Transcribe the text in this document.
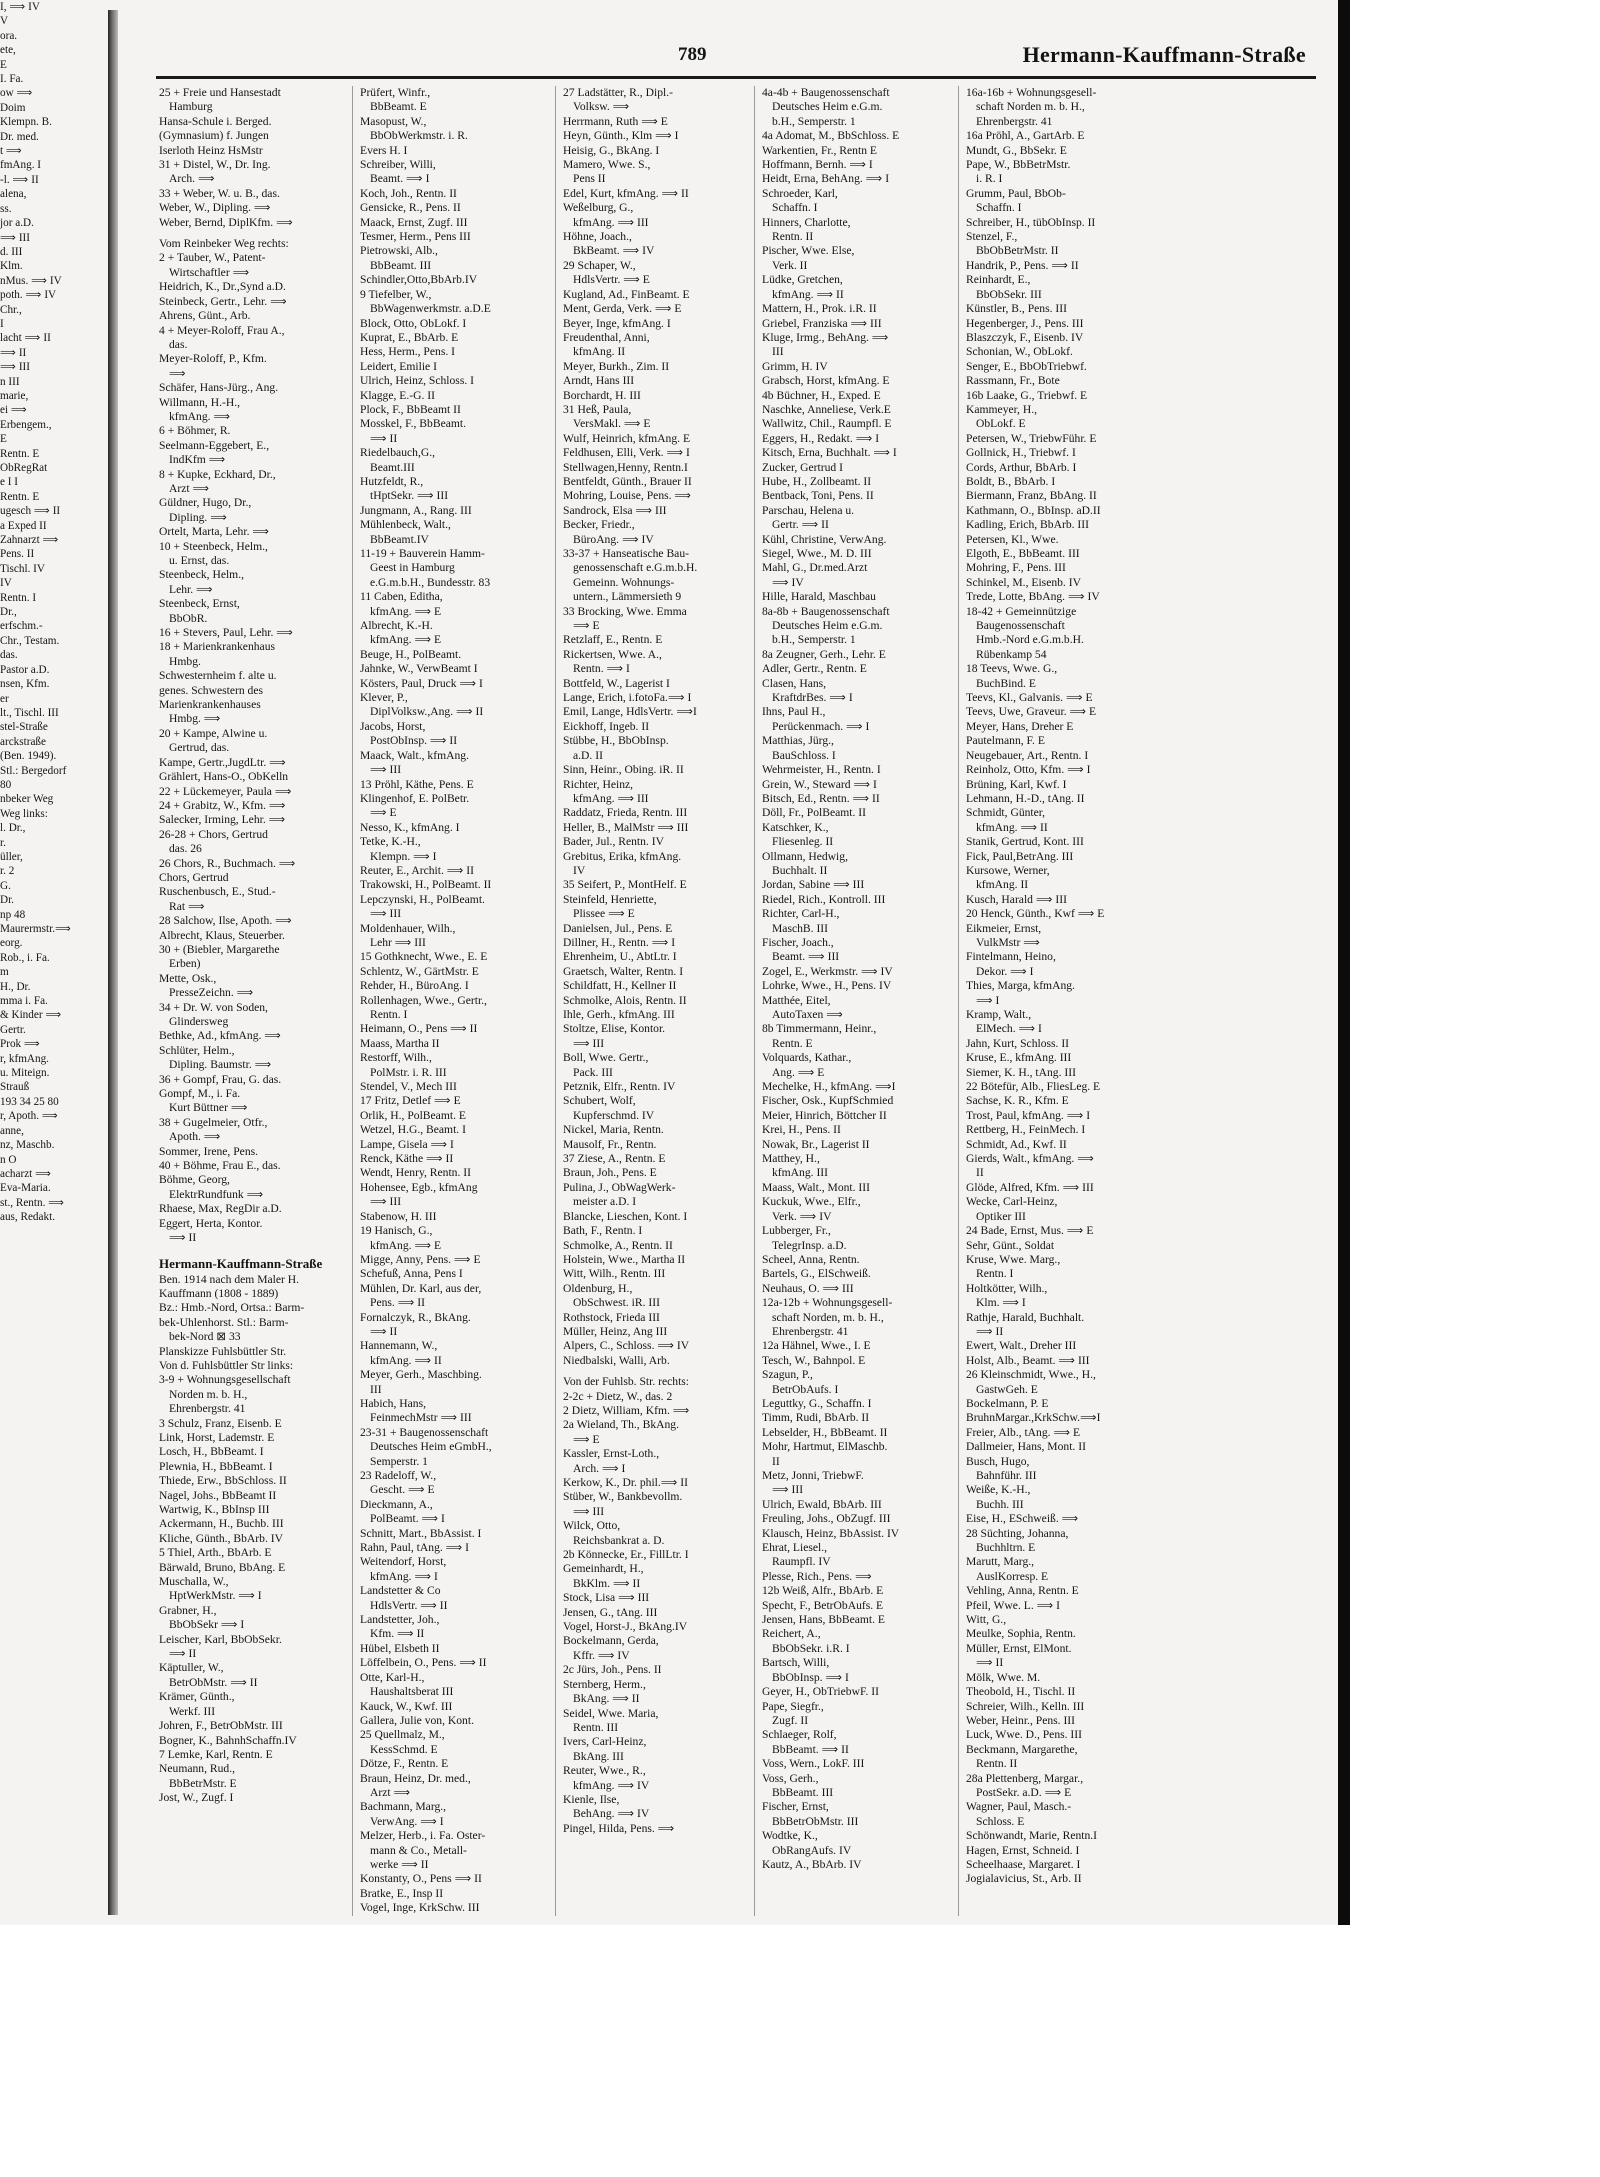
I, ⟹ IV
V
ora.
ete,
E
I. Fa.
ow ⟹
Doim
Klempn. B.
Dr. med.
t ⟹
fmAng. I
-l. ⟹ II
alena,
ss.
jor a.D.
⟹ III
d. III
Klm.
nMus. ⟹ IV
poth. ⟹ IV
Chr.,
I
lacht ⟹ II
⟹ II
⟹ III
n III
marie,
ei ⟹
Erbengem.,
E
Rentn. E
ObRegRat
e I I
Rentn. E
ugesch ⟹ II
a Exped II
Zahnarzt ⟹
Pens. II
Tischl. IV
IV
Rentn. I
Dr.,
erfschm.-
Chr., Testam.
das.
Pastor a.D.
nsen, Kfm.
er
lt., Tischl. III
stel-Straße
arckstraße
(Ben. 1949).
Stl.: Bergedorf
80
nbeker Weg
Weg links:
l. Dr.,
r.
üller,
r. 2
G.
Dr.
np 48
Maurermstr.⟹
eorg.
Rob., i. Fa.
m
H., Dr.
mma i. Fa.
& Kinder ⟹
Gertr.
Prok ⟹
r, kfmAng.
u. Miteign.
Strauß
193 34 25 80
r, Apoth. ⟹
anne,
nz, Maschb.
n O
acharzt ⟹
Eva-Maria.
st., Rentn. ⟹
aus, Redakt.
789	Hermann-Kauffmann-Straße
25 + Freie und Hansestadt
Hamburg
Hansa-Schule i. Berged.
(Gymnasium) f. Jungen
Iserloth Heinz HsMstr
31 + Distel, W., Dr. Ing.
Arch. ⟹
33 + Weber, W. u. B., das.
Weber, W., Dipling. ⟹
Weber, Bernd, DiplKfm. ⟹
Vom Reinbeker Weg rechts:
2 + Tauber, W., Patent-
Wirtschaftler ⟹
Heidrich, K., Dr.,Synd a.D.
Steinbeck, Gertr., Lehr. ⟹
Ahrens, Günt., Arb.
4 + Meyer-Roloff, Frau A.,
das.
Meyer-Roloff, P., Kfm.
⟹
Schäfer, Hans-Jürg., Ang.
Willmann, H.-H.,
kfmAng. ⟹
6 + Böhmer, R.
Seelmann-Eggebert, E.,
IndKfm ⟹
8 + Kupke, Eckhard, Dr.,
Arzt ⟹
Güldner, Hugo, Dr.,
Dipling. ⟹
Ortelt, Marta, Lehr. ⟹
10 + Steenbeck, Helm.,
u. Ernst, das.
Steenbeck, Helm.,
Lehr. ⟹
Steenbeck, Ernst,
BbObR.
16 + Stevers, Paul, Lehr. ⟹
18 + Marienkrankenhaus
Hmbg.
Schwesternheim f. alte u.
genes. Schwestern des
Marienkrankenhauses
Hmbg. ⟹
20 + Kampe, Alwine u.
Gertrud, das.
Kampe, Gertr.,JugdLtr. ⟹
Grählert, Hans-O., ObKelln
22 + Lückemeyer, Paula ⟹
24 + Grabitz, W., Kfm. ⟹
Salecker, Irming, Lehr. ⟹
26-28 + Chors, Gertrud
das. 26
26 Chors, R., Buchmach. ⟹
Chors, Gertrud
Ruschenbusch, E., Stud.-
Rat ⟹
28 Salchow, Ilse, Apoth. ⟹
Albrecht, Klaus, Steuerber.
30 + (Biebler, Margarethe
Erben)
Mette, Osk.,
PresseZeichn. ⟹
34 + Dr. W. von Soden,
Glindersweg
Bethke, Ad., kfmAng. ⟹
Schlüter, Helm.,
Dipling. Baumstr. ⟹
36 + Gompf, Frau, G. das.
Gompf, M., i. Fa.
Kurt Büttner ⟹
38 + Gugelmeier, Otfr.,
Apoth. ⟹
Sommer, Irene, Pens.
40 + Böhme, Frau E., das.
Böhme, Georg,
ElektrRundfunk ⟹
Rhaese, Max, RegDir a.D.
Eggert, Herta, Kontor.
⟹ II
Hermann-Kauffmann-Straße
Ben. 1914 nach dem Maler H.
Kauffmann (1808 - 1889)
Bz.: Hmb.-Nord, Ortsa.: Barm-
bek-Uhlenhorst. Stl.: Barm-
bek-Nord ⊠ 33
Planskizze Fuhlsbüttler Str.
Von d. Fuhlsbüttler Str links:
3-9 + Wohnungsgesellschaft
Norden m. b. H.,
Ehrenbergstr. 41
3 Schulz, Franz, Eisenb. E
Link, Horst, Lademstr. E
Losch, H., BbBeamt. I
Plewnia, H., BbBeamt. I
Thiede, Erw., BbSchloss. II
Nagel, Johs., BbBeamt II
Wartwig, K., BbInsp III
Ackermann, H., Buchb. III
Kliche, Günth., BbArb. IV
5 Thiel, Arth., BbArb. E
Bärwald, Bruno, BbAng. E
Muschalla, W.,
HptWerkMstr. ⟹ I
Grabner, H.,
BbObSekr ⟹ I
Leischer, Karl, BbObSekr.
⟹ II
Käptuller, W.,
BetrObMstr. ⟹ II
Krämer, Günth.,
Werkf. III
Johren, F., BetrObMstr. III
Bogner, K., BahnhSchaffn.IV
7 Lemke, Karl, Rentn. E
Neumann, Rud.,
BbBetrMstr. E
Jost, W., Zugf. I
Prüfert, Winfr.,
BbBeamt. E
Masopust, W.,
BbObWerkmstr. i. R.
Evers H. I
Schreiber, Willi,
Beamt. ⟹ I
Koch, Joh., Rentn. II
Gensicke, R., Pens. II
Maack, Ernst, Zugf. III
Tesmer, Herm., Pens III
Pietrowski, Alb.,
BbBeamt. III
Schindler,Otto,BbArb.IV
9 Tiefelber, W.,
BbWagenwerkmstr. a.D.E
Block, Otto, ObLokf. I
Kuprat, E., BbArb. E
Hess, Herm., Pens. I
Leidert, Emilie I
Ulrich, Heinz, Schloss. I
Klagge, E.-G. II
Plock, F., BbBeamt II
Mosskel, F., BbBeamt.
⟹ II
Riedelbauch,G.,
Beamt.III
Hutzfeldt, R.,
tHptSekr. ⟹ III
Jungmann, A., Rang. III
Mühlenbeck, Walt.,
BbBeamt.IV
11-19 + Bauverein Hamm-
Geest in Hamburg
e.G.m.b.H., Bundesstr. 83
11 Caben, Editha,
kfmAng. ⟹ E
Albrecht, K.-H.
kfmAng. ⟹ E
Beuge, H., PolBeamt.
Jahnke, W., VerwBeamt I
Kösters, Paul, Druck ⟹ I
Klever, P.,
DiplVolksw.,Ang. ⟹ II
Jacobs, Horst,
PostObInsp. ⟹ II
Maack, Walt., kfmAng.
⟹ III
13 Pröhl, Käthe, Pens. E
Klingenhof, E. PolBetr.
⟹ E
Nesso, K., kfmAng. I
Tetke, K.-H.,
Klempn. ⟹ I
Reuter, E., Archit. ⟹ II
Trakowski, H., PolBeamt. II
Lepczynski, H., PolBeamt.
⟹ III
Moldenhauer, Wilh.,
Lehr ⟹ III
15 Gothknecht, Wwe., E. E
Schlentz, W., GärtMstr. E
Rehder, H., BüroAng. I
Rollenhagen, Wwe., Gertr.,
Rentn. I
Heimann, O., Pens ⟹ II
Maass, Martha II
Restorff, Wilh.,
PolMstr. i. R. III
Stendel, V., Mech III
17 Fritz, Detlef ⟹ E
Orlik, H., PolBeamt. E
Wetzel, H.G., Beamt. I
Lampe, Gisela ⟹ I
Renck, Käthe ⟹ II
Wendt, Henry, Rentn. II
Hohensee, Egb., kfmAng
⟹ III
Stabenow, H. III
19 Hanisch, G.,
kfmAng. ⟹ E
Migge, Anny, Pens. ⟹ E
Schefuß, Anna, Pens I
Mühlen, Dr. Karl, aus der,
Pens. ⟹ II
Fornalczyk, R., BkAng.
⟹ II
Hannemann, W.,
kfmAng. ⟹ II
Meyer, Gerh., Maschbing.
III
Habich, Hans,
FeinmechMstr ⟹ III
23-31 + Baugenossenschaft
Deutsches Heim eGmbH.,
Semperstr. 1
23 Radeloff, W.,
Gescht. ⟹ E
Dieckmann, A.,
PolBeamt. ⟹ I
Schnitt, Mart., BbAssist. I
Rahn, Paul, tAng. ⟹ I
Weitendorf, Horst,
kfmAng. ⟹ I
Landstetter & Co
HdlsVertr. ⟹ II
Landstetter, Joh.,
Kfm. ⟹ II
Hübel, Elsbeth II
Löffelbein, O., Pens. ⟹ II
Otte, Karl-H.,
Haushaltsberat III
Kauck, W., Kwf. III
Gallera, Julie von, Kont.
25 Quellmalz, M.,
KessSchmd. E
Dötze, F., Rentn. E
Braun, Heinz, Dr. med.,
Arzt ⟹
Bachmann, Marg.,
VerwAng. ⟹ I
Melzer, Herb., i. Fa. Oster-
mann & Co., Metall-
werke ⟹ II
Konstanty, O., Pens ⟹ II
Bratke, E., Insp II
Vogel, Inge, KrkSchw. III
27 Ladstätter, R., Dipl.-
Volksw. ⟹
Herrmann, Ruth ⟹ E
Heyn, Günth., Klm ⟹ I
Heisig, G., BkAng. I
Mamero, Wwe. S.,
Pens II
Edel, Kurt, kfmAng. ⟹ II
Weßelburg, G.,
kfmAng. ⟹ III
Höhne, Joach.,
BkBeamt. ⟹ IV
29 Schaper, W.,
HdlsVertr. ⟹ E
Kugland, Ad., FinBeamt. E
Ment, Gerda, Verk. ⟹ E
Beyer, Inge, kfmAng. I
Freudenthal, Anni,
kfmAng. II
Meyer, Burkh., Zim. II
Arndt, Hans III
Borchardt, H. III
31 Heß, Paula,
VersMakl. ⟹ E
Wulf, Heinrich, kfmAng. E
Feldhusen, Elli, Verk. ⟹ I
Stellwagen,Henny, Rentn.I
Bentfeldt, Günth., Brauer II
Mohring, Louise, Pens. ⟹
Sandrock, Elsa ⟹ III
Becker, Friedr.,
BüroAng. ⟹ IV
33-37 + Hanseatische Bau-
genossenschaft e.G.m.b.H.
Gemeinn. Wohnungs-
untern., Lämmersieth 9
33 Brocking, Wwe. Emma
⟹ E
Retzlaff, E., Rentn. E
Rickertsen, Wwe. A.,
Rentn. ⟹ I
Bottfeld, W., Lagerist I
Lange, Erich, i.fotoFa.⟹ I
Emil, Lange, HdlsVertr. ⟹I
Eickhoff, Ingeb. II
Stübbe, H., BbObInsp.
a.D. II
Sinn, Heinr., Obing. iR. II
Richter, Heinz,
kfmAng. ⟹ III
Raddatz, Frieda, Rentn. III
Heller, B., MalMstr ⟹ III
Bader, Jul., Rentn. IV
Grebitus, Erika, kfmAng.
IV
35 Seifert, P., MontHelf. E
Steinfeld, Henriette,
Plissee ⟹ E
Danielsen, Jul., Pens. E
Dillner, H., Rentn. ⟹ I
Ehrenheim, U., AbtLtr. I
Graetsch, Walter, Rentn. I
Schildfatt, H., Kellner II
Schmolke, Alois, Rentn. II
Ihle, Gerh., kfmAng. III
Stoltze, Elise, Kontor.
⟹ III
Boll, Wwe. Gertr.,
Pack. III
Petznik, Elfr., Rentn. IV
Schubert, Wolf,
Kupferschmd. IV
Nickel, Maria, Rentn.
Mausolf, Fr., Rentn.
37 Ziese, A., Rentn. E
Braun, Joh., Pens. E
Pulina, J., ObWagWerk-
meister a.D. I
Blancke, Lieschen, Kont. I
Bath, F., Rentn. I
Schmolke, A., Rentn. II
Holstein, Wwe., Martha II
Witt, Wilh., Rentn. III
Oldenburg, H.,
ObSchwest. iR. III
Rothstock, Frieda III
Müller, Heinz, Ang III
Alpers, C., Schloss. ⟹ IV
Niedbalski, Walli, Arb.
Von der Fuhlsb. Str. rechts:
2-2c + Dietz, W., das. 2
2 Dietz, William, Kfm. ⟹
2a Wieland, Th., BkAng.
⟹ E
Kassler, Ernst-Loth.,
Arch. ⟹ I
Kerkow, K., Dr. phil.⟹ II
Stüber, W., Bankbevollm.
⟹ III
Wilck, Otto,
Reichsbankrat a. D.
2b Könnecke, Er., FillLtr. I
Gemeinhardt, H.,
BkKlm. ⟹ II
Stock, Lisa ⟹ III
Jensen, G., tAng. III
Vogel, Horst-J., BkAng.IV
Bockelmann, Gerda,
Kffr. ⟹ IV
2c Jürs, Joh., Pens. II
Sternberg, Herm.,
BkAng. ⟹ II
Seidel, Wwe. Maria,
Rentn. III
Ivers, Carl-Heinz,
BkAng. III
Reuter, Wwe., R.,
kfmAng. ⟹ IV
Kienle, Ilse,
BehAng. ⟹ IV
Pingel, Hilda, Pens. ⟹
4a-4b + Baugenossenschaft
Deutsches Heim e.G.m.
b.H., Semperstr. 1
4a Adomat, M., BbSchloss. E
Warkentien, Fr., Rentn E
Hoffmann, Bernh. ⟹ I
Heidt, Erna, BehAng. ⟹ I
Schroeder, Karl,
Schaffn. I
Hinners, Charlotte,
Rentn. II
Pischer, Wwe. Else,
Verk. II
Lüdke, Gretchen,
kfmAng. ⟹ II
Mattern, H., Prok. i.R. II
Griebel, Franziska ⟹ III
Kluge, Irmg., BehAng. ⟹
III
Grimm, H. IV
Grabsch, Horst, kfmAng. E
4b Büchner, H., Exped. E
Naschke, Anneliese, Verk.E
Wallwitz, Chil., Raumpfl. E
Eggers, H., Redakt. ⟹ I
Kitsch, Erna, Buchhalt. ⟹ I
Zucker, Gertrud I
Hube, H., Zollbeamt. II
Bentback, Toni, Pens. II
Parschau, Helena u.
Gertr. ⟹ II
Kühl, Christine, VerwAng.
Siegel, Wwe., M. D. III
Mahl, G., Dr.med.Arzt
⟹ IV
Hille, Harald, Maschbau
8a-8b + Baugenossenschaft
Deutsches Heim e.G.m.
b.H., Semperstr. 1
8a Zeugner, Gerh., Lehr. E
Adler, Gertr., Rentn. E
Clasen, Hans,
KraftdrBes. ⟹ I
Ihns, Paul H.,
Perückenmach. ⟹ I
Matthias, Jürg.,
BauSchloss. I
Wehrmeister, H., Rentn. I
Grein, W., Steward ⟹ I
Bitsch, Ed., Rentn. ⟹ II
Döll, Fr., PolBeamt. II
Katschker, K.,
Fliesenleg. II
Ollmann, Hedwig,
Buchhalt. II
Jordan, Sabine ⟹ III
Riedel, Rich., Kontroll. III
Richter, Carl-H.,
MaschB. III
Fischer, Joach.,
Beamt. ⟹ III
Zogel, E., Werkmstr. ⟹ IV
Lohrke, Wwe., H., Pens. IV
Matthée, Eitel,
AutoTaxen ⟹
8b Timmermann, Heinr.,
Rentn. E
Volquards, Kathar.,
Ang. ⟹ E
Mechelke, H., kfmAng. ⟹I
Fischer, Osk., KupfSchmied
Meier, Hinrich, Böttcher II
Krei, H., Pens. II
Nowak, Br., Lagerist II
Matthey, H.,
kfmAng. III
Maass, Walt., Mont. III
Kuckuk, Wwe., Elfr.,
Verk. ⟹ IV
Lubberger, Fr.,
TelegrInsp. a.D.
Scheel, Anna, Rentn.
Bartels, G., ElSchweiß.
Neuhaus, O. ⟹ III
12a-12b + Wohnungsgesell-
schaft Norden, m. b. H.,
Ehrenbergstr. 41
12a Hähnel, Wwe., I. E
Tesch, W., Bahnpol. E
Szagun, P.,
BetrObAufs. I
Leguttky, G., Schaffn. I
Timm, Rudi, BbArb. II
Lebselder, H., BbBeamt. II
Mohr, Hartmut, ElMaschb.
II
Metz, Jonni, TriebwF.
⟹ III
Ulrich, Ewald, BbArb. III
Freuling, Johs., ObZugf. III
Klausch, Heinz, BbAssist. IV
Ehrat, Liesel.,
Raumpfl. IV
Plesse, Rich., Pens. ⟹
12b Weiß, Alfr., BbArb. E
Specht, F., BetrObAufs. E
Jensen, Hans, BbBeamt. E
Reichert, A.,
BbObSekr. i.R. I
Bartsch, Willi,
BbObInsp. ⟹ I
Geyer, H., ObTriebwF. II
Pape, Siegfr.,
Zugf. II
Schlaeger, Rolf,
BbBeamt. ⟹ II
Voss, Wern., LokF. III
Voss, Gerh.,
BbBeamt. III
Fischer, Ernst,
BbBetrObMstr. III
Wodtke, K.,
ObRangAufs. IV
Kautz, A., BbArb. IV
16a-16b + Wohnungsgesell-
schaft Norden m. b. H.,
Ehrenbergstr. 41
16a Pröhl, A., GartArb. E
Mundt, G., BbSekr. E
Pape, W., BbBetrMstr.
i. R. I
Grumm, Paul, BbOb-
Schaffn. I
Schreiber, H., tübObInsp. II
Stenzel, F.,
BbObBetrMstr. II
Handrik, P., Pens. ⟹ II
Reinhardt, E.,
BbObSekr. III
Künstler, B., Pens. III
Hegenberger, J., Pens. III
Blaszczyk, F., Eisenb. IV
Schonian, W., ObLokf.
Senger, E., BbObTriebwf.
Rassmann, Fr., Bote
16b Laake, G., Triebwf. E
Kammeyer, H.,
ObLokf. E
Petersen, W., TriebwFühr. E
Gollnick, H., Triebwf. I
Cords, Arthur, BbArb. I
Boldt, B., BbArb. I
Biermann, Franz, BbAng. II
Kathmann, O., BbInsp. aD.II
Kadling, Erich, BbArb. III
Petersen, Kl., Wwe.
Elgoth, E., BbBeamt. III
Mohring, F., Pens. III
Schinkel, M., Eisenb. IV
Trede, Lotte, BbAng. ⟹ IV
18-42 + Gemeinnützige
Baugenossenschaft
Hmb.-Nord e.G.m.b.H.
Rübenkamp 54
18 Teevs, Wwe. G.,
BuchBind. E
Teevs, Kl., Galvanis. ⟹ E
Teevs, Uwe, Graveur. ⟹ E
Meyer, Hans, Dreher E
Pautelmann, F. E
Neugebauer, Art., Rentn. I
Reinholz, Otto, Kfm. ⟹ I
Brüning, Karl, Kwf. I
Lehmann, H.-D., tAng. II
Schmidt, Günter,
kfmAng. ⟹ II
Stanik, Gertrud, Kont. III
Fick, Paul,BetrAng. III
Kursowe, Werner,
kfmAng. II
Kusch, Harald ⟹ III
20 Henck, Günth., Kwf ⟹ E
Eikmeier, Ernst,
VulkMstr ⟹
Fintelmann, Heino,
Dekor. ⟹ I
Thies, Marga, kfmAng.
⟹ I
Kramp, Walt.,
ElMech. ⟹ I
Jahn, Kurt, Schloss. II
Kruse, E., kfmAng. III
Siemer, K. H., tAng. III
22 Bötefür, Alb., FliesLeg. E
Sachse, K. R., Kfm. E
Trost, Paul, kfmAng. ⟹ I
Rettberg, H., FeinMech. I
Schmidt, Ad., Kwf. II
Gierds, Walt., kfmAng. ⟹
II
Glöde, Alfred, Kfm. ⟹ III
Wecke, Carl-Heinz,
Optiker III
24 Bade, Ernst, Mus. ⟹ E
Sehr, Günt., Soldat
Kruse, Wwe. Marg.,
Rentn. I
Holtkötter, Wilh.,
Klm. ⟹ I
Rathje, Harald, Buchhalt.
⟹ II
Ewert, Walt., Dreher III
Holst, Alb., Beamt. ⟹ III
26 Kleinschmidt, Wwe., H.,
GastwGeh. E
Bockelmann, P. E
BruhnMargar.,KrkSchw.⟹I
Freier, Alb., tAng. ⟹ E
Dallmeier, Hans, Mont. II
Busch, Hugo,
Bahnführ. III
Weiße, K.-H.,
Buchh. III
Eise, H., ESchweiß. ⟹
28 Süchting, Johanna,
Buchhltrn. E
Marutt, Marg.,
AuslKorresp. E
Vehling, Anna, Rentn. E
Pfeil, Wwe. L. ⟹ I
Witt, G.,
Meulke, Sophia, Rentn.
Müller, Ernst, ElMont.
⟹ II
Mölk, Wwe. M.
Theobold, H., Tischl. II
Schreier, Wilh., Kelln. III
Weber, Heinr., Pens. III
Luck, Wwe. D., Pens. III
Beckmann, Margarethe,
Rentn. II
28a Plettenberg, Margar.,
PostSekr. a.D. ⟹ E
Wagner, Paul, Masch.-
Schloss. E
Schönwandt, Marie, Rentn.I
Hagen, Ernst, Schneid. I
Scheelhaase, Margaret. I
Jogialavicius, St., Arb. II
